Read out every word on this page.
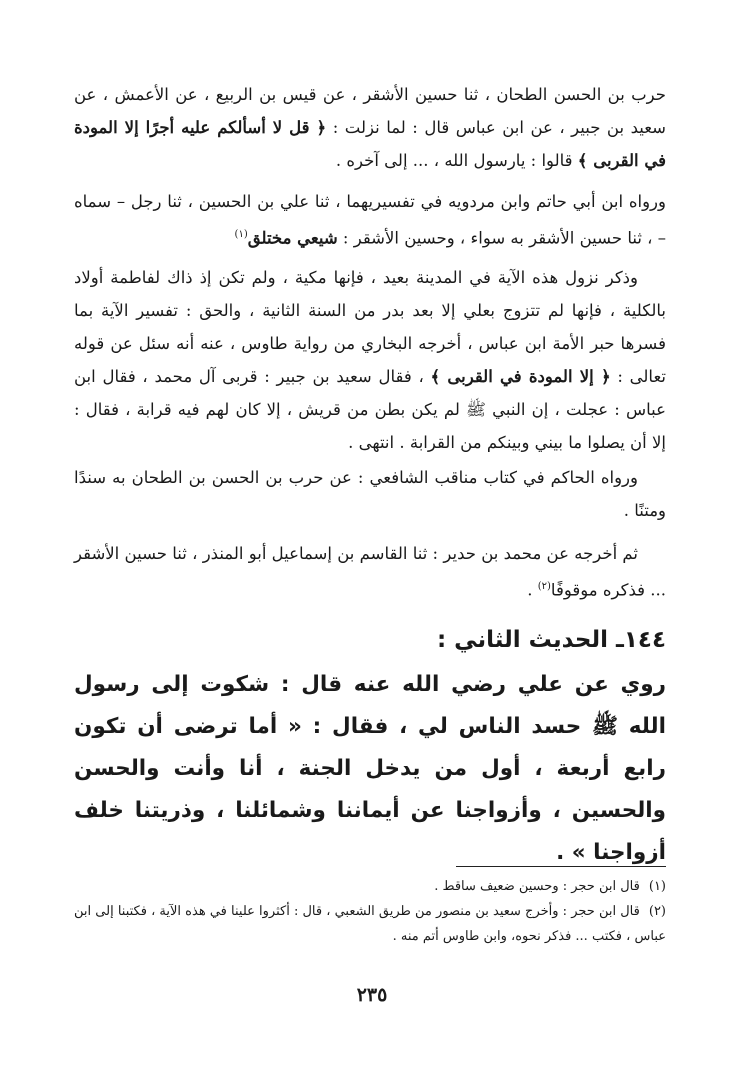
حرب بن الحسن الطحان ، ثنا حسين الأشقر ، عن قيس بن الربيع ، عن الأعمش ، عن سعيد بن جبير ، عن ابن عباس قال : لما نزلت : ﴿ قل لا أسألكم عليه أجرًا إلا المودة في القربى ﴾ قالوا : يارسول الله ، ... إلى آخره .

ورواه ابن أبي حاتم وابن مردويه في تفسيريهما ، ثنا علي بن الحسين ، ثنا رجل – سماه – ، ثنا حسين الأشقر به سواء ، وحسين الأشقر : شيعي مختلق$^{(١)}$

وذكر نزول هذه الآية في المدينة بعيد ، فإنها مكية ، ولم تكن إذ ذاك لفاطمة أولاد بالكلية ، فإنها لم تتزوج بعلي إلا بعد بدر من السنة الثانية ، والحق : تفسير الآية بما فسرها حبر الأمة ابن عباس ، أخرجه البخاري من رواية طاوس ، عنه أنه سئل عن قوله تعالى : ﴿ إلا المودة في القربى ﴾ ، فقال سعيد بن جبير : قربى آل محمد ، فقال ابن عباس : عجلت ، إن النبي ﷺ لم يكن بطن من قريش ، إلا كان لهم فيه قرابة ، فقال : إلا أن يصلوا ما بيني وبينكم من القرابة . انتهى .

ورواه الحاكم في كتاب مناقب الشافعي : عن حرب بن الحسن بن الطحان به سندًا ومتنًا .

ثم أخرجه عن محمد بن حدير : ثنا القاسم بن إسماعيل أبو المنذر ، ثنا حسين الأشقر ... فذكره موقوفًا$^{(٢)}$ .

١٤٤ـ الحديث الثاني :

روي عن علي رضي الله عنه قال : شكوت إلى رسول الله ﷺ حسد الناس لي ، فقال : « أما ترضى أن تكون رابع أربعة ، أول من يدخل الجنة ، أنا وأنت والحسن والحسين ، وأزواجنا عن أيماننا وشمائلنا ، وذريتنا خلف أزواجنا » .

(١) قال ابن حجر : وحسين ضعيف ساقط .

(٢) قال ابن حجر : وأخرج سعيد بن منصور من طريق الشعبي ، قال : أكثروا علينا في هذه الآية ، فكتبنا إلى ابن عباس ، فكتب ... فذكر نحوه، وابن طاوس أتم منه .

٢٣٥
